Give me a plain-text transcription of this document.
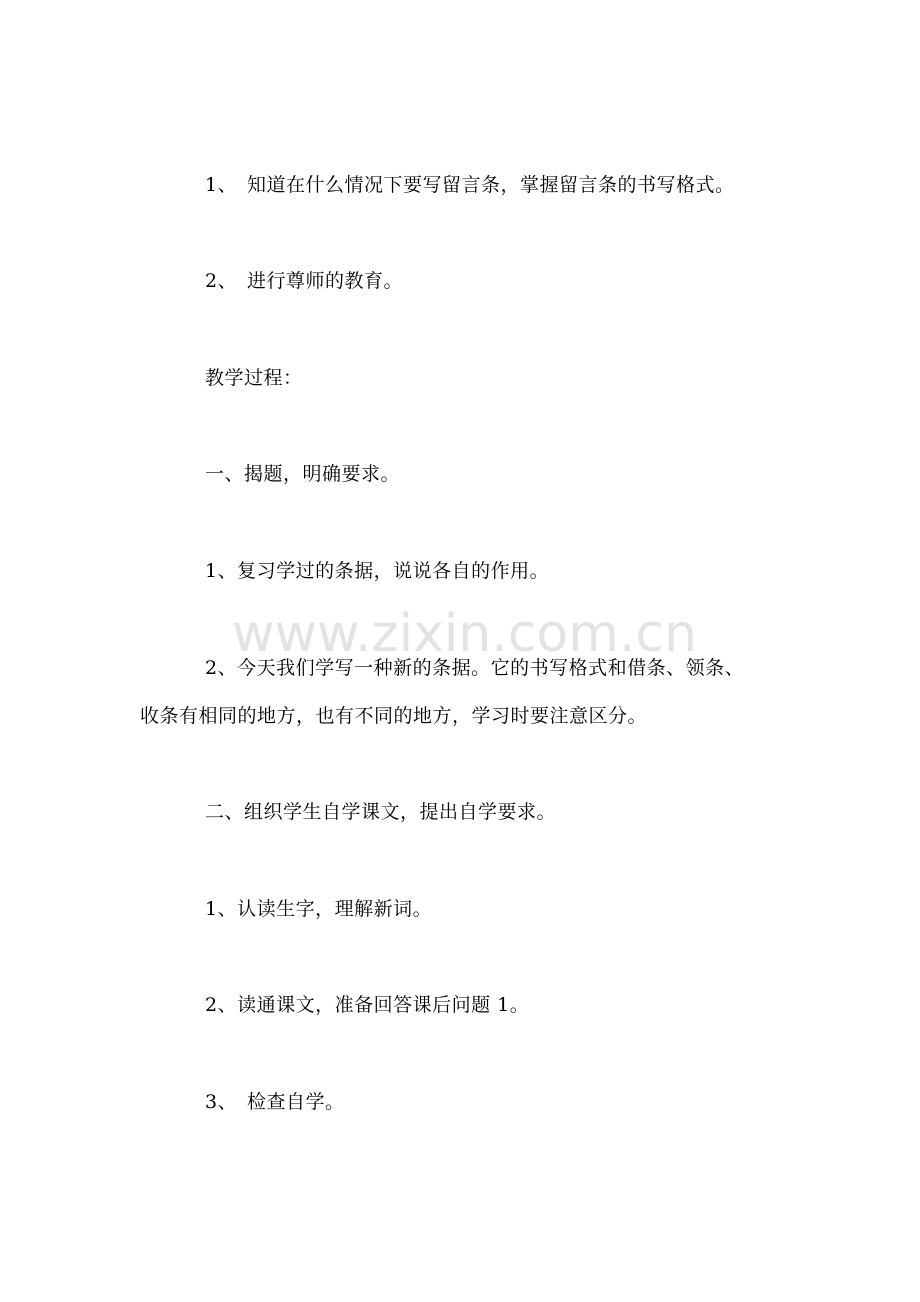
www.zixin.com.cn
1、 知道在什么情况下要写留言条，掌握留言条的书写格式。
2、 进行尊师的教育。
教学过程：
一、揭题，明确要求。
1、复习学过的条据，说说各自的作用。
2、今天我们学写一种新的条据。它的书写格式和借条、领条、
收条有相同的地方，也有不同的地方，学习时要注意区分。
二、组织学生自学课文，提出自学要求。
1、认读生字，理解新词。
2、读通课文，准备回答课后问题 1。
3、 检查自学。
